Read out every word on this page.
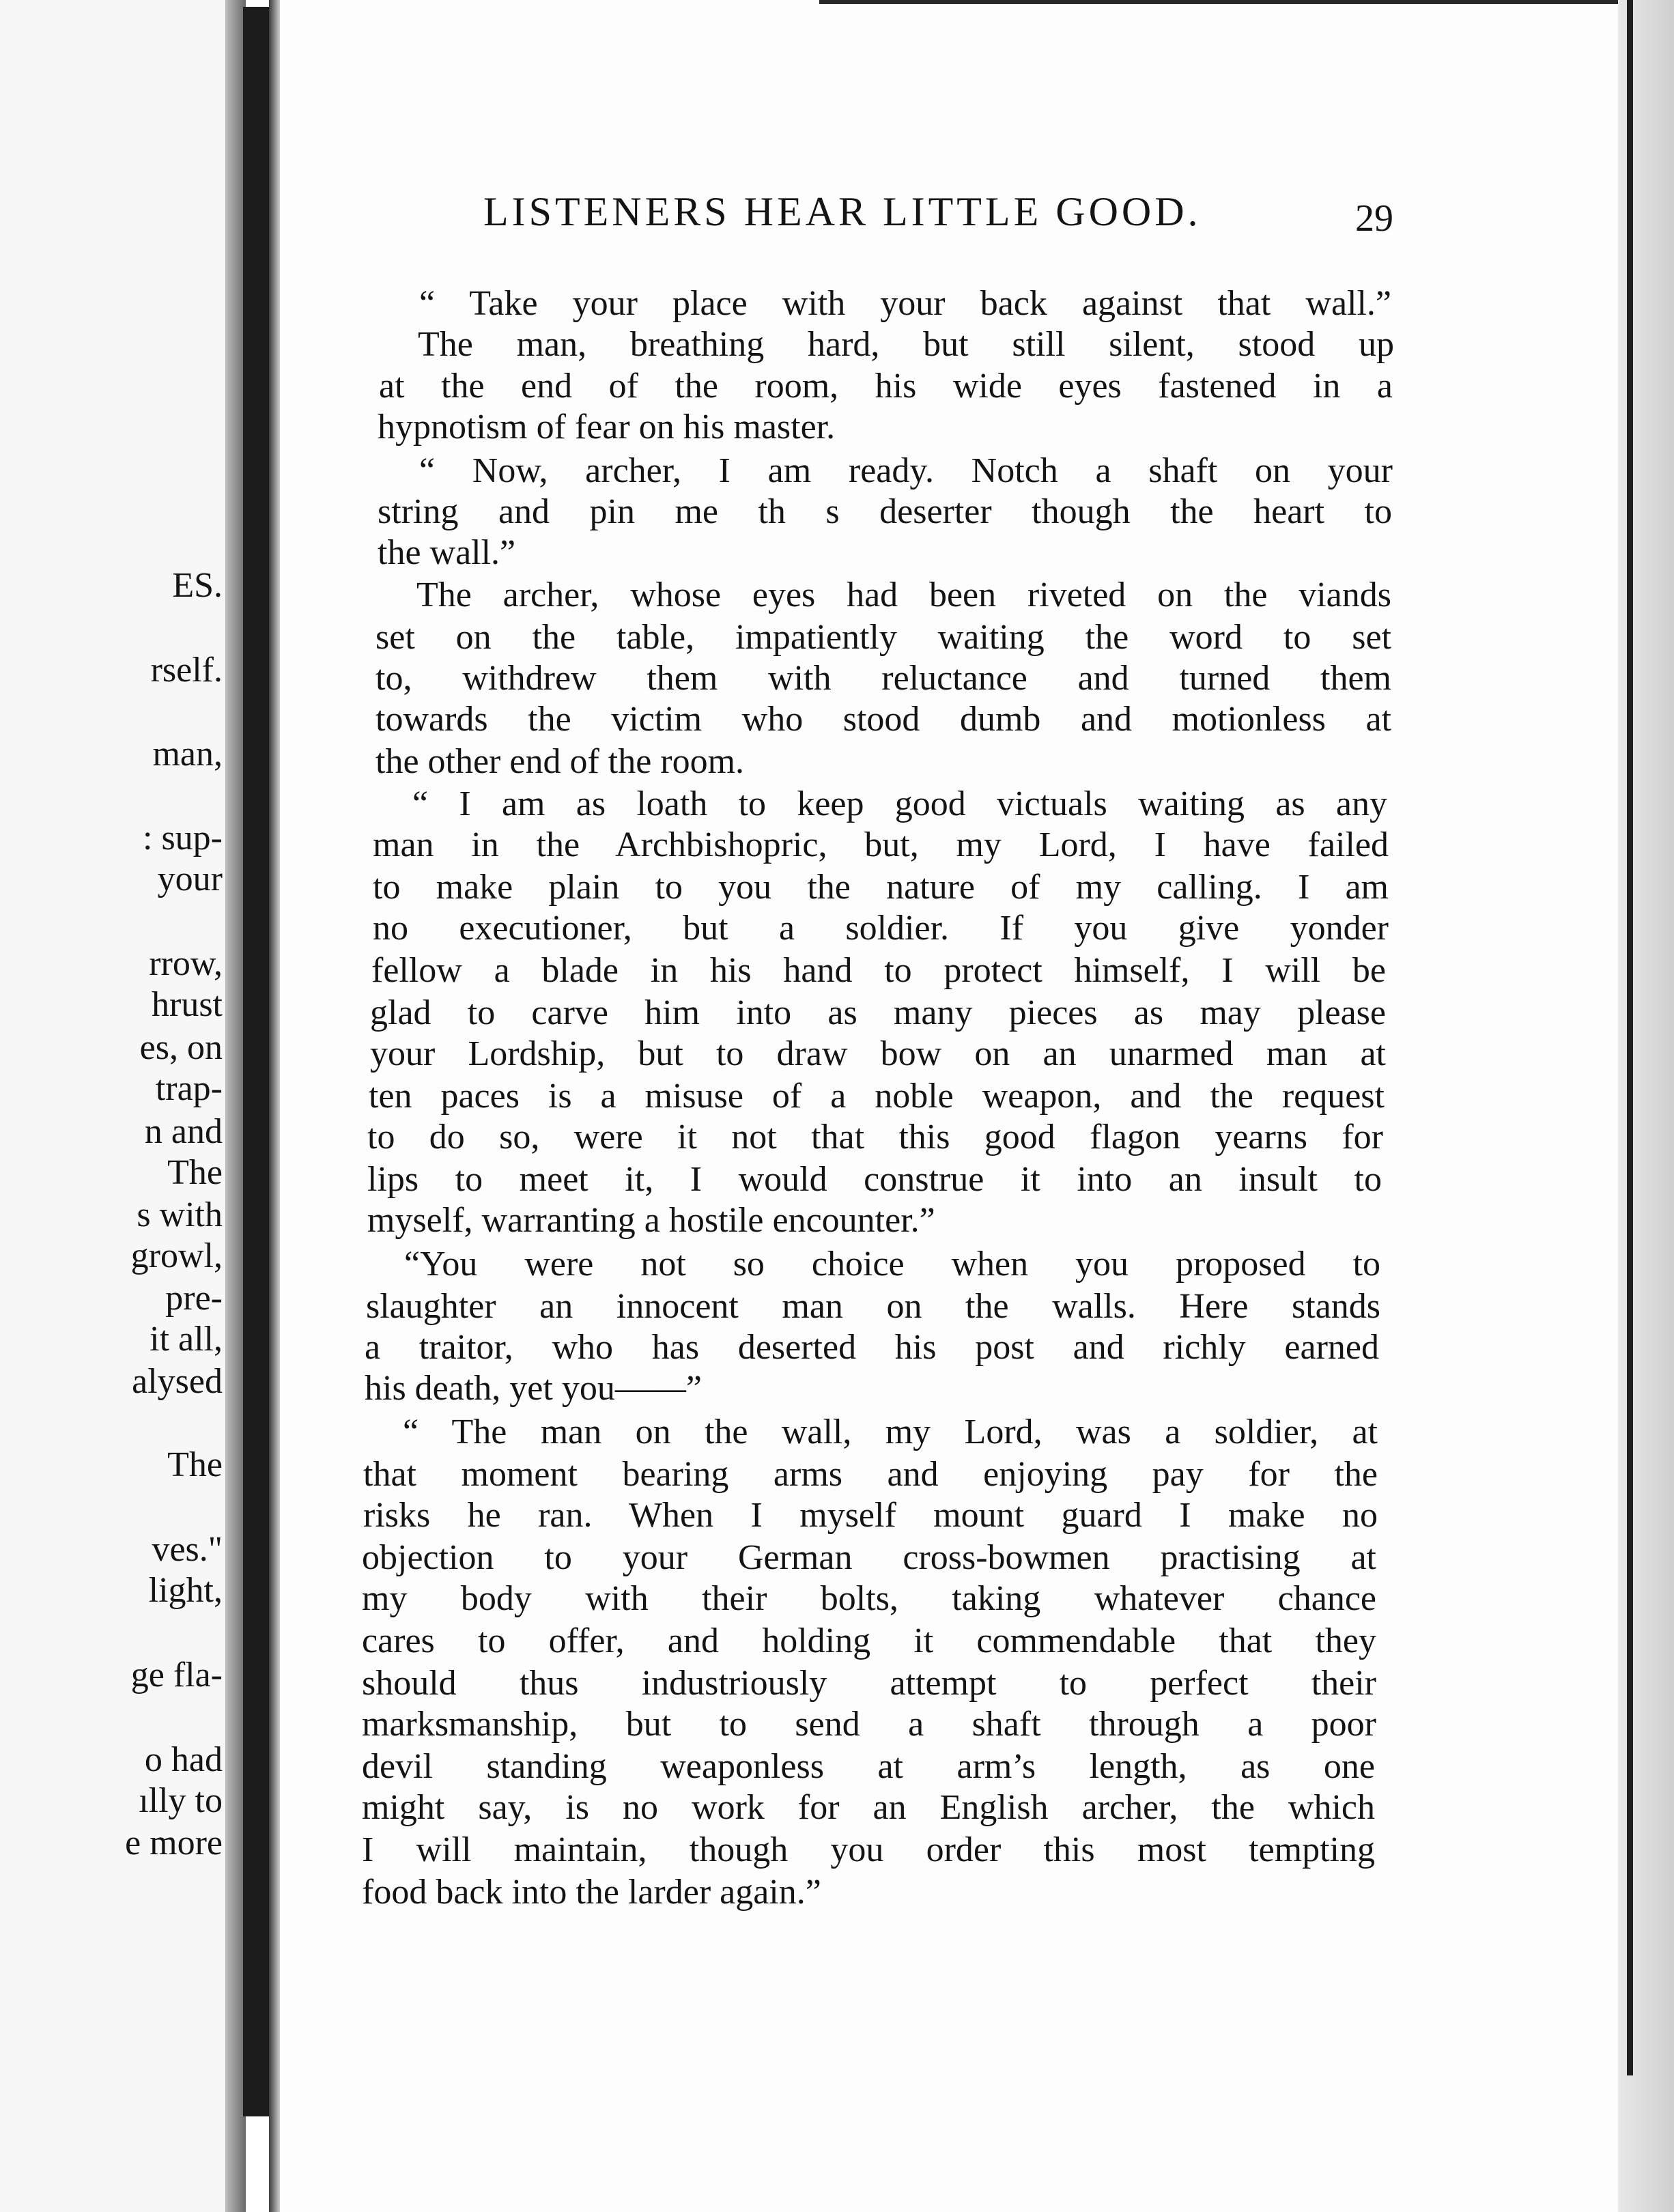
ES.

rself.

man,

: sup-

your

rrow,

hrust

es, on

trap-

n and

The

s with

growl,

pre-

it all,

alysed

The

ves."

light,

ge fla-

o had

ılly to

e more

LISTENERS HEAR LITTLE GOOD.	29

“ Take your place with your back against that wall.”

The man, breathing hard, but still silent, stood up

at the end of the room, his wide eyes fastened in a

hypnotism of fear on his master.

“ Now, archer, I am ready. Notch a shaft on your

string and pin me th s deserter though the heart to

the wall.”

The archer, whose eyes had been riveted on the viands

set on the table, impatiently waiting the word to set

to, withdrew them with reluctance and turned them

towards the victim who stood dumb and motionless at

the other end of the room.

“ I am as loath to keep good victuals waiting as any

man in the Archbishopric, but, my Lord, I have failed

to make plain to you the nature of my calling. I am

no executioner, but a soldier. If you give yonder

fellow a blade in his hand to protect himself, I will be

glad to carve him into as many pieces as may please

your Lordship, but to draw bow on an unarmed man at

ten paces is a misuse of a noble weapon, and the request

to do so, were it not that this good flagon yearns for

lips to meet it, I would construe it into an insult to

myself, warranting a hostile encounter.”

“You were not so choice when you proposed to

slaughter an innocent man on the walls. Here stands

a traitor, who has deserted his post and richly earned

his death, yet you——”

“ The man on the wall, my Lord, was a soldier, at

that moment bearing arms and enjoying pay for the

risks he ran. When I myself mount guard I make no

objection to your German cross-bowmen practising at

my body with their bolts, taking whatever chance

cares to offer, and holding it commendable that they

should thus industriously attempt to perfect their

marksmanship, but to send a shaft through a poor

devil standing weaponless at arm’s length, as one

might say, is no work for an English archer, the which

I will maintain, though you order this most tempting

food back into the larder again.”
